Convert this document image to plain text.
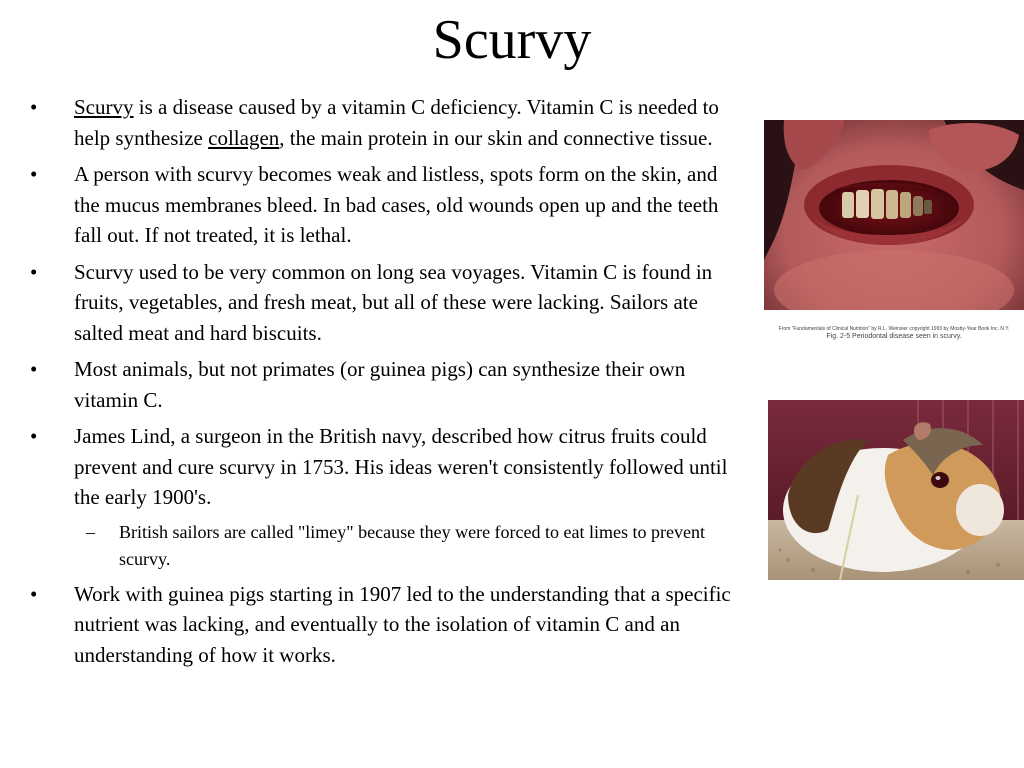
Scurvy
•	Scurvy is a disease caused by a vitamin C deficiency. Vitamin C is needed to help synthesize collagen, the main protein in our skin and connective tissue.
•	A person with scurvy becomes weak and listless, spots form on the skin, and the mucus membranes bleed. In bad cases, old wounds open up and the teeth fall out. If not treated, it is lethal.
•	Scurvy used to be very common on long sea voyages. Vitamin C is found in fruits, vegetables, and fresh meat, but all of these were lacking. Sailors ate salted meat and hard biscuits.
•	Most animals, but not primates (or guinea pigs) can synthesize their own vitamin C.
•	James Lind, a surgeon in the British navy, described how citrus fruits could prevent and cure scurvy in 1753. His ideas weren't consistently followed until the early 1900's.
– British sailors are called "limey" because they were forced to eat limes to prevent scurvy.
•	Work with guinea pigs starting in 1907 led to the understanding that a specific nutrient was lacking, and eventually to the isolation of vitamin C and an understanding of how it works.
From "Fundamentals of Clinical Nutrition" by R.L. Weinsier copyright 1993 by Mosby-Year Book Inc. N.Y.
Fig. 2-5 Periodontal disease seen in scurvy.
